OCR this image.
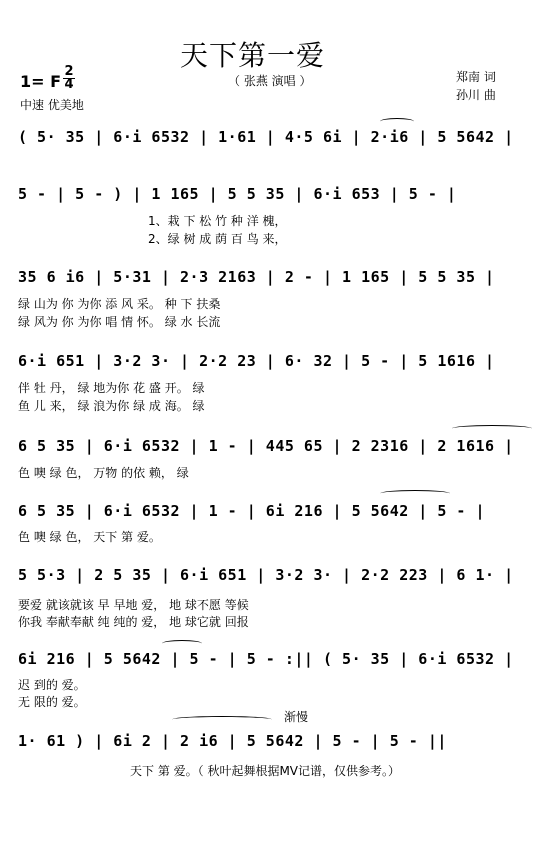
天下第一爱
（ 张燕 演唱 ）
1= F
2
4
中速 优美地
郑南 词
孙川 曲
( 5· 35 | 6·i 6532 | 1·61 | 4·5 6i | 2·i6 | 5 5642 |
5 - | 5 - ) | 1 165 | 5 5 35 | 6·i 653 | 5 - |
1、栽 下 松 竹 种 洋 槐，
2、绿 树 成 荫 百 鸟 来，
35 6 i6 | 5·31 | 2·3 2163 | 2 - | 1 165 | 5 5 35 |
绿 山为 你 为你 添 风 采。 种 下 扶桑
绿 风为 你 为你 唱 情 怀。 绿 水 长流
6·i 651 | 3·2 3· | 2·2 23 | 6· 32 | 5 - | 5 1616 |
伴 牡 丹， 绿 地为你 花 盛 开。 绿
鱼 儿 来， 绿 浪为你 绿 成 海。 绿
6 5 35 | 6·i 6532 | 1 - | 445 65 | 2 2316 | 2 1616 |
色 噢 绿 色， 万物 的依 赖， 绿
6 5 35 | 6·i 6532 | 1 - | 6i 216 | 5 5642 | 5 - |
色 噢 绿 色， 天下 第 爱。
5 5·3 | 2 5 35 | 6·i 651 | 3·2 3· | 2·2 223 | 6 1· |
要爱 就该就该 早 早地 爱， 地 球不愿 等候
你我 奉献奉献 纯 纯的 爱， 地 球它就 回报
6i 216 | 5 5642 | 5 - | 5 - :|| ( 5· 35 | 6·i 6532 |
迟 到的 爱。
无 限的 爱。
渐慢
1· 61 ) | 6i 2 | 2 i6 | 5 5642 | 5 - | 5 - ||
天下 第 爱。（ 秋叶起舞根据MV记谱，仅供参考。）
